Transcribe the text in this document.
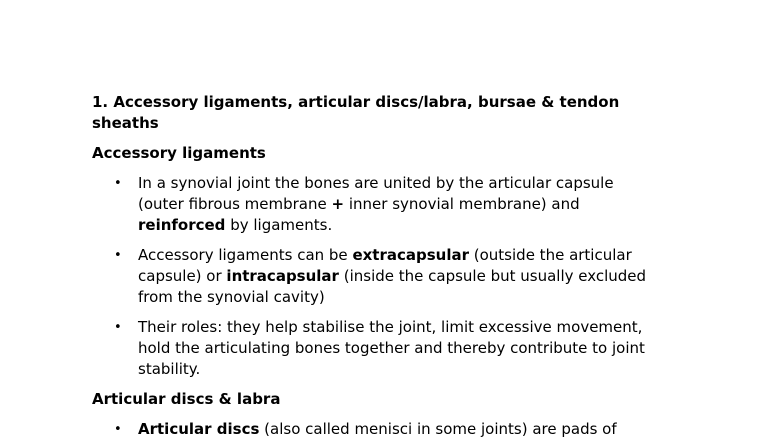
1. Accessory ligaments, articular discs/labra, bursae & tendon sheaths
Accessory ligaments
• In a synovial joint the bones are united by the articular capsule (outer fibrous membrane + inner synovial membrane) and reinforced by ligaments.
• Accessory ligaments can be extracapsular (outside the articular capsule) or intracapsular (inside the capsule but usually excluded from the synovial cavity)
• Their roles: they help stabilise the joint, limit excessive movement, hold the articulating bones together and thereby contribute to joint stability.
Articular discs & labra
• Articular discs (also called menisci in some joints) are pads of
